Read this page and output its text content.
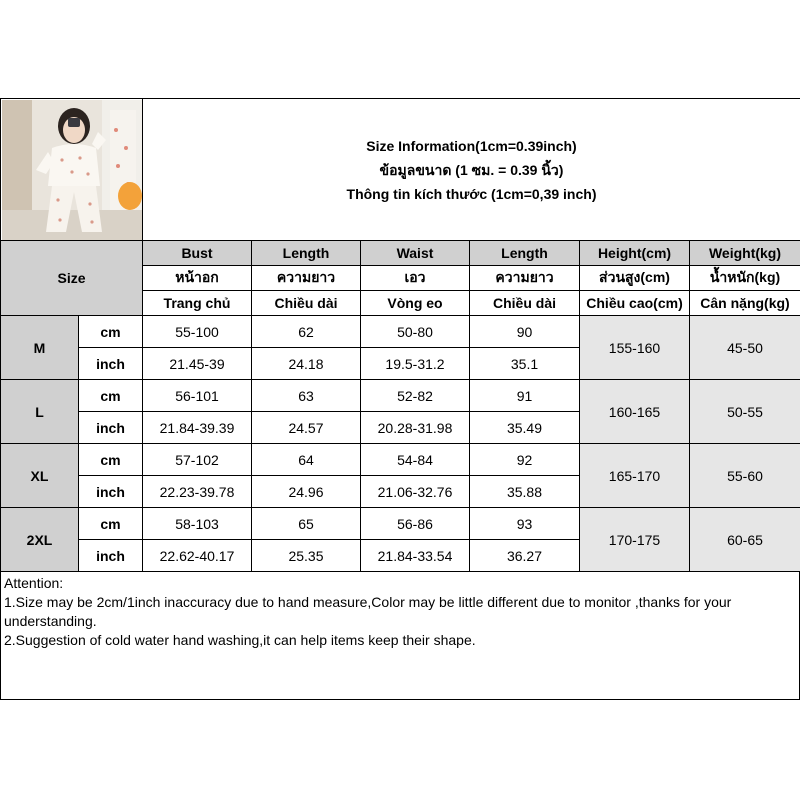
Size Information(1cm=0.39inch)
ข้อมูลขนาด (1 ซม. = 0.39 นิ้ว)
Thông tin kích thước (1cm=0,39 inch)					

Size		Bust	Length	Waist	Length	Height(cm)	Weight(kg)
		หน้าอก	ความยาว	เอว	ความยาว	ส่วนสูง(cm)	น้ำหนัก(kg)
		Trang chủ	Chiều dài	Vòng eo	Chiều dài	Chiều cao(cm)	Cân nặng(kg)
M	cm	55-100	62	50-80	90	155-160	45-50
	inch	21.45-39	24.18	19.5-31.2	35.1		
L	cm	56-101	63	52-82	91	160-165	50-55
	inch	21.84-39.39	24.57	20.28-31.98	35.49		
XL	cm	57-102	64	54-84	92	165-170	55-60
	inch	22.23-39.78	24.96	21.06-32.76	35.88		
2XL	cm	58-103	65	56-86	93	170-175	60-65
	inch	22.62-40.17	25.35	21.84-33.54	36.27		
Attention:
1.Size may be 2cm/1inch inaccuracy due to hand measure,Color may be little different due to monitor ,thanks for your understanding.
2.Suggestion of cold water hand washing,it can help items keep their shape.
